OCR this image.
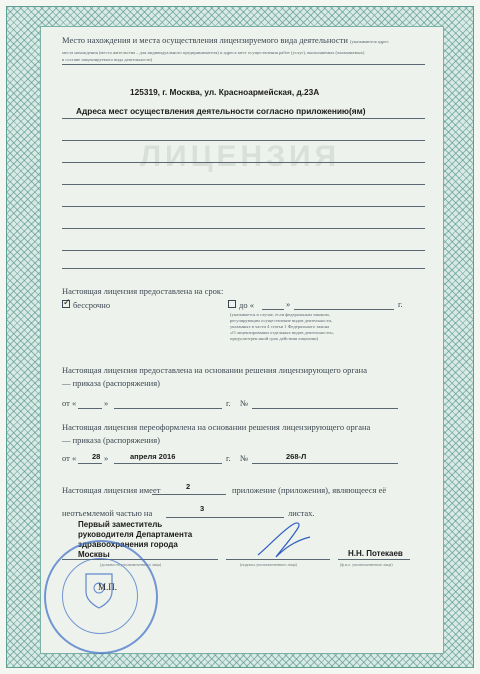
ЛИЦЕНЗИЯ
Место нахождения и места осуществления лицензируемого вида деятельности (указываются адрес
места нахождения (места жительства – для индивидуального предпринимателя) и адреса мест осуществления работ (услуг), выполняемых (оказываемых)
в составе лицензируемого вида деятельности)
125319, г. Москва, ул. Красноармейская, д.23А
Адреса мест осуществления деятельности согласно приложению(ям)
Настоящая лицензия предоставлена на срок:
✓ бессрочно	до «	»	г.
(указывается в случае, если федеральным законом,
регулирующим осуществление видов деятельности,
указанных в части 4 статьи 1 Федерального закона
«О лицензировании отдельных видов деятельности»,
предусмотрен иной срок действия лицензии)
Настоящая лицензия предоставлена на основании решения лицензирующего органа
— приказа (распоряжения)
от «	»	г. №
Настоящая лицензия переоформлена на основании решения лицензирующего органа
— приказа (распоряжения)
от « 28 »	апреля 2016	г. №	268-Л
Настоящая лицензия имеет	2	приложение (приложения), являющееся её
неотъемлемой частью на	3	листах.
Первый заместитель
руководителя Департамента
здравоохранения города
Москвы
(должность уполномоченного лица)	(подпись уполномоченного лица)
Н.Н. Потекаев
(ф.и.о. уполномоченного лица)
М.П.
